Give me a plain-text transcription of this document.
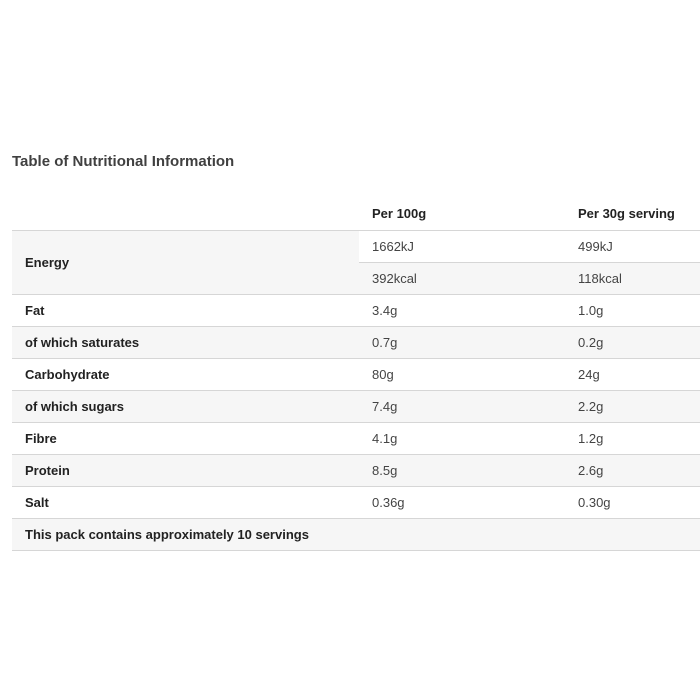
Table of Nutritional Information
	Per 100g	Per 30g serving
Energy	1662kJ	499kJ
	392kcal	118kcal
Fat	3.4g	1.0g
of which saturates	0.7g	0.2g
Carbohydrate	80g	24g
of which sugars	7.4g	2.2g
Fibre	4.1g	1.2g
Protein	8.5g	2.6g
Salt	0.36g	0.30g
This pack contains approximately 10 servings		
